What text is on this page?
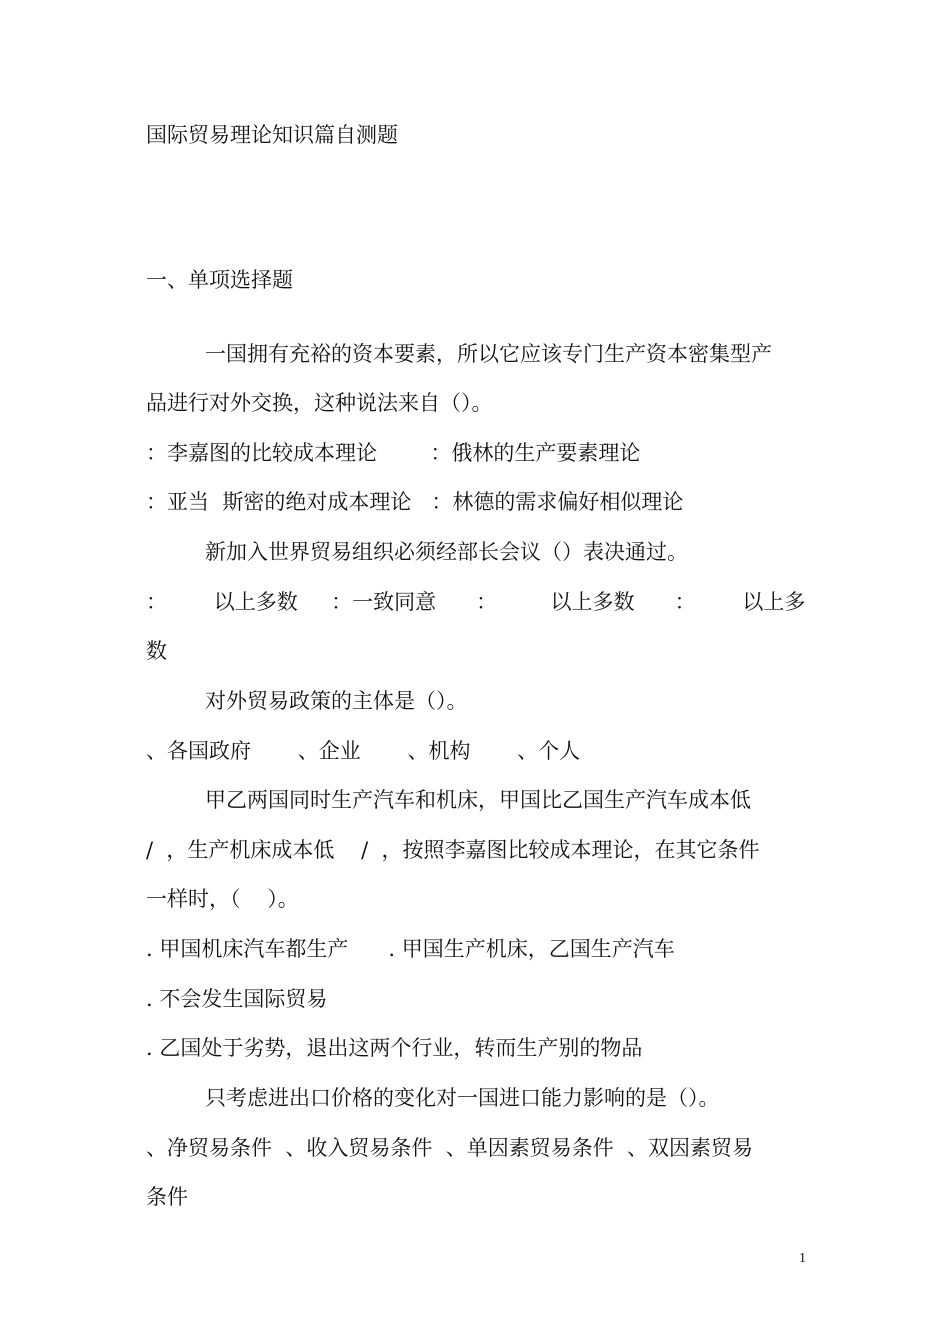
国际贸易理论知识篇自测题
一、单项选择题
一国拥有充裕的资本要素，所以它应该专门生产资本密集型产
品进行对外交换，这种说法来自（）。
：李嘉图的比较成本理论        ：俄林的生产要素理论
：亚当  斯密的绝对成本理论   ：林德的需求偏好相似理论
新加入世界贸易组织必须经部长会议（）表决通过。
：       以上多数     ：一致同意      ：        以上多数      ：       以上多
数
对外贸易政策的主体是（）。
、各国政府       、企业       、机构       、个人
甲乙两国同时生产汽车和机床，甲国比乙国生产汽车成本低
/  ，生产机床成本低    /  ，按照李嘉图比较成本理论，在其它条件
一样时，（    ）。
. 甲国机床汽车都生产      . 甲国生产机床，乙国生产汽车
. 不会发生国际贸易
. 乙国处于劣势，退出这两个行业，转而生产别的物品
只考虑进出口价格的变化对一国进口能力影响的是（）。
、净贸易条件  、收入贸易条件  、单因素贸易条件  、双因素贸易
条件
1
